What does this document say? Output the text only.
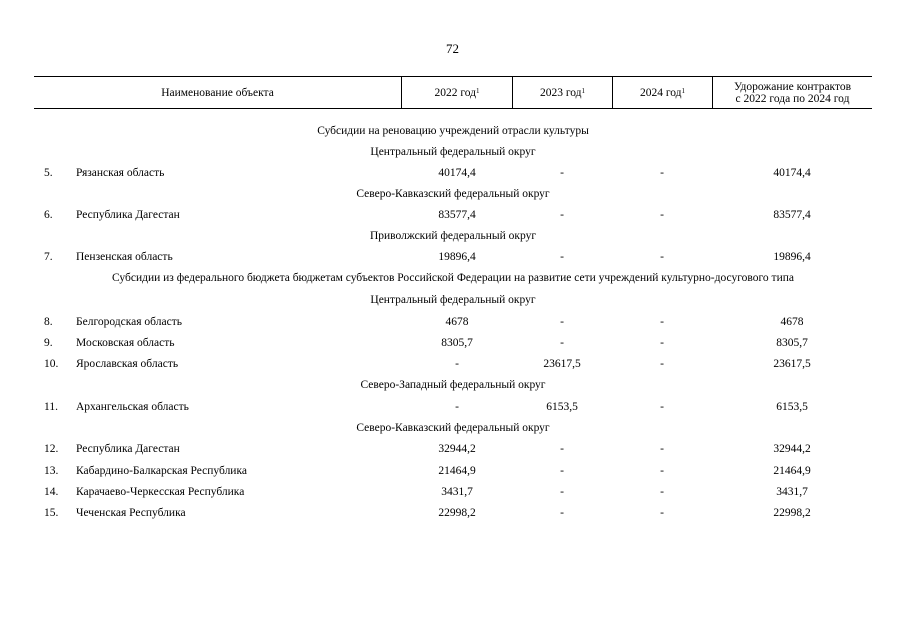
72
Наименование объекта	2022 год$^1$	2023 год$^1$	2024 год$^1$	Удорожание контрактов
с 2022 года по 2024 год
Субсидии на реновацию учреждений отрасли культуры
Центральный федеральный округ
5. Рязанская область	40174,4	-	-	40174,4
Северо-Кавказский федеральный округ
6. Республика Дагестан	83577,4	-	-	83577,4
Приволжский федеральный округ
7. Пензенская область	19896,4	-	-	19896,4
Субсидии из федерального бюджета бюджетам субъектов Российской Федерации на развитие сети учреждений культурно-досугового типа
Центральный федеральный округ
8. Белгородская область	4678	-	-	4678
9. Московская область	8305,7	-	-	8305,7
10. Ярославская область	-	23617,5	-	23617,5
Северо-Западный федеральный округ
11. Архангельская область	-	6153,5	-	6153,5
Северо-Кавказский федеральный округ
12. Республика Дагестан	32944,2	-	-	32944,2
13. Кабардино-Балкарская Республика	21464,9	-	-	21464,9
14. Карачаево-Черкесская Республика	3431,7	-	-	3431,7
15. Чеченская Республика	22998,2	-	-	22998,2
